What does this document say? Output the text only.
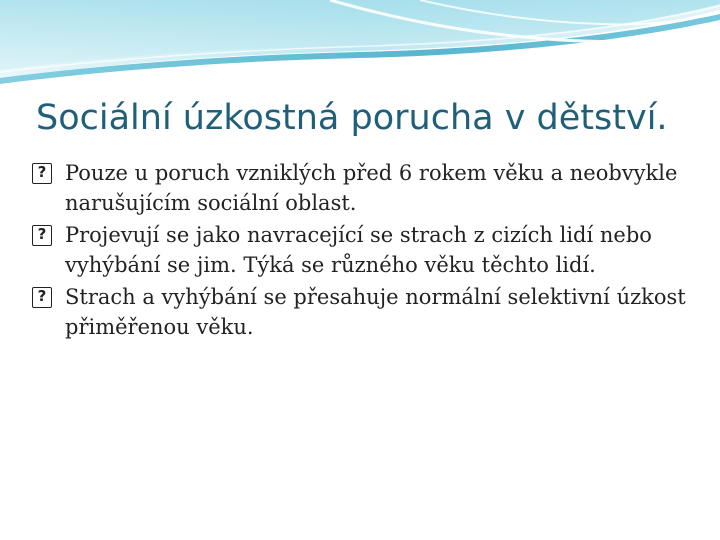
Sociální úzkostná porucha v dětství.
? Pouze u poruch vzniklých před 6 rokem věku a neobvykle narušujícím sociální oblast.
? Projevují se jako navracející se strach z cizích lidí nebo vyhýbání se jim. Týká se různého věku těchto lidí.
? Strach a vyhýbání se přesahuje normální selektivní úzkost přiměřenou věku.
